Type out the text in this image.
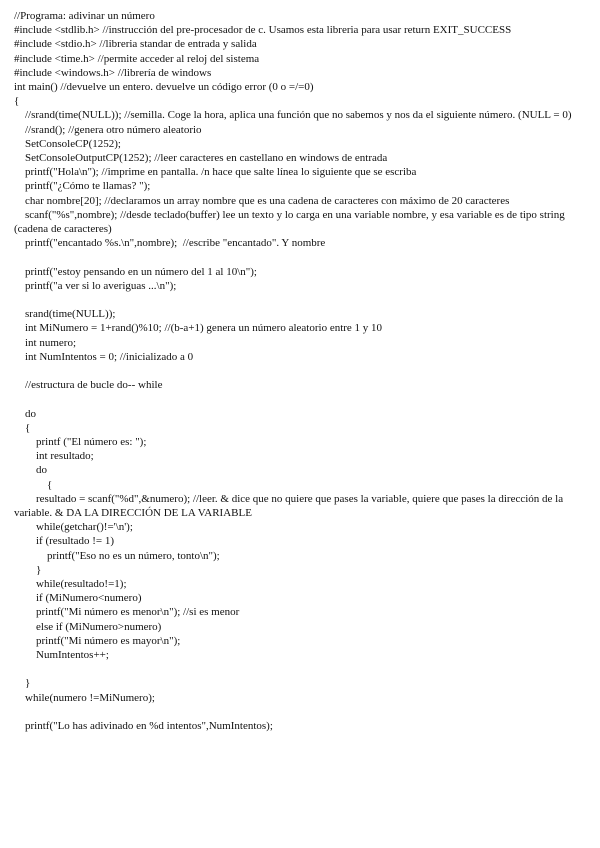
//Programa: adivinar un número
#include <stdlib.h> //instrucción del pre-procesador de c. Usamos esta libreria para usar return EXIT_SUCCESS
#include <stdio.h> //libreria standar de entrada y salida
#include <time.h> //permite acceder al reloj del sistema
#include <windows.h> //librería de windows
int main() //devuelve un entero. devuelve un código error (0 o =/=0)
{
//srand(time(NULL)); //semilla. Coge la hora, aplica una función que no sabemos y nos da el siguiente número. (NULL = 0)
//srand(); //genera otro número aleatorio
SetConsoleCP(1252);
SetConsoleOutputCP(1252); //leer caracteres en castellano en windows de entrada
printf("Hola\n"); //imprime en pantalla. /n hace que salte línea lo siguiente que se escriba
printf("¿Cómo te llamas? ");
char nombre[20]; //declaramos un array nombre que es una cadena de caracteres con máximo de 20 caracteres
scanf("%s",nombre); //desde teclado(buffer) lee un texto y lo carga en una variable nombre, y esa variable es de tipo string (cadena de caracteres)
printf("encantado %s.\n",nombre);  //escribe "encantado". Y nombre
printf("estoy pensando en un número del 1 al 10\n");
printf("a ver si lo averiguas ...\n");
srand(time(NULL));
int MiNumero = 1+rand()%10; //(b-a+1) genera un número aleatorio entre 1 y 10
int numero;
int NumIntentos = 0; //inicializado a 0
//estructura de bucle do-- while
do
{
printf ("El número es: ");
int resultado;
do
{
resultado = scanf("%d",&numero); //leer. & dice que no quiere que pases la variable, quiere que pases la dirección de la variable. & DA LA DIRECCIÓN DE LA VARIABLE
while(getchar()!='\n');
if (resultado != 1)
printf("Eso no es un número, tonto\n");
}
while(resultado!=1);
if (MiNumero<numero)
printf("Mi número es menor\n"); //si es menor
else if (MiNumero>numero)
printf("Mi número es mayor\n");
NumIntentos++;
}
while(numero !=MiNumero);
printf("Lo has adivinado en %d intentos",NumIntentos);
